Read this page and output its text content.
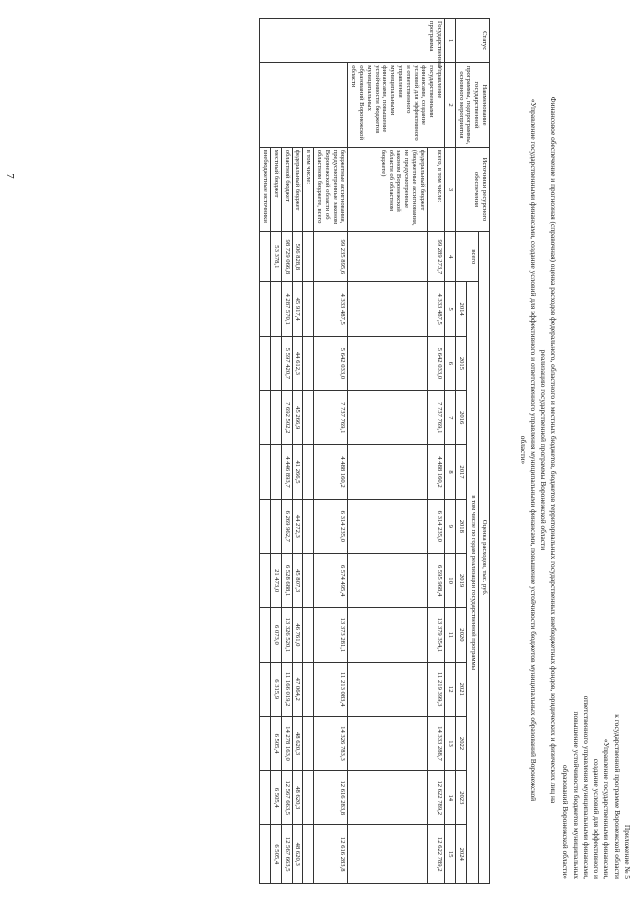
7
Приложение № 5
к государственной программе Воронежской области
«Управление государственными финансами,
создание условий для эффективного и
ответственного управления муниципальными финансами,
повышение устойчивости бюджетов муниципальных
образований Воронежской области»
Финансовое обеспечение и прогнозная (справочная) оценка расходов федерального, областного и местных бюджетов, бюджетов территориальных государственных внебюджетных фондов, юридических и физических лиц на
реализацию государственной программы Воронежской области
«Управление государственными финансами, создание условий для эффективного и ответственного управления муниципальными финансами, повышение устойчивости бюджетов муниципальных образований Воронежской
области»
Статус	Наименование государственной программы, подпрограммы, основного мероприятия	Источники ресурсного обеспечения	Оценка расходов, тыс. руб.											
			всего	в том числе по годам реализации государственной программы										
				2014	2015	2016	2017	2018	2019	2020	2021	2022	2023	2024
1	2	3	4	5	6	7	8	9	10	11	12	13	14	15
Государственная программа	Управление государственными финансами, создание условий для эффективного и ответственного управления муниципальными финансами, повышение устойчивости бюджетов муниципальных образований Воронежской области	всего, в том числе:	99 289 273,7	4 333 487,5	5 642 033,0	7 737 769,1	4 488 160,2	6 314 235,0	6 595 968,4	13 379 354,1	11 219 399,3	14 333 288,7	12 622 789,2	12 622 789,2
		федеральный бюджет (бюджетные ассигнования, не предусмотренные законом Воронежской области об областном бюджете)												
		бюджетные ассигнования, предусмотренные законом Воронежской области об областном бюджете, всего	99 235 895,6	4 333 487,5	5 642 033,0	7 737 769,1	4 488 160,2	6 314 235,0	6 574 495,4	13 373 281,1	11 213 083,4	14 326 783,3	12 616 283,8	12 616 283,8
		в том числе:												
		федеральный бюджет	506 828,8	45 917,4	44 612,3	45 266,9	41 266,5	44 272,3	45 807,3	46 761,0	47 064,2	48 620,3	48 620,3	48 620,3
		областной бюджет	98 729 066,8	4 287 570,1	5 597 420,7	7 692 502,2	4 446 893,7	6 269 962,7	6 528 688,1	13 326 520,1	11 166 019,2	14 278 163,0	12 567 663,5	12 567 663,5
		местный бюджет	53 378,1						21 473,0	6 073,0	6 315,9	6 505,4	6 505,4	6 505,4
		внебюджетные источники												
